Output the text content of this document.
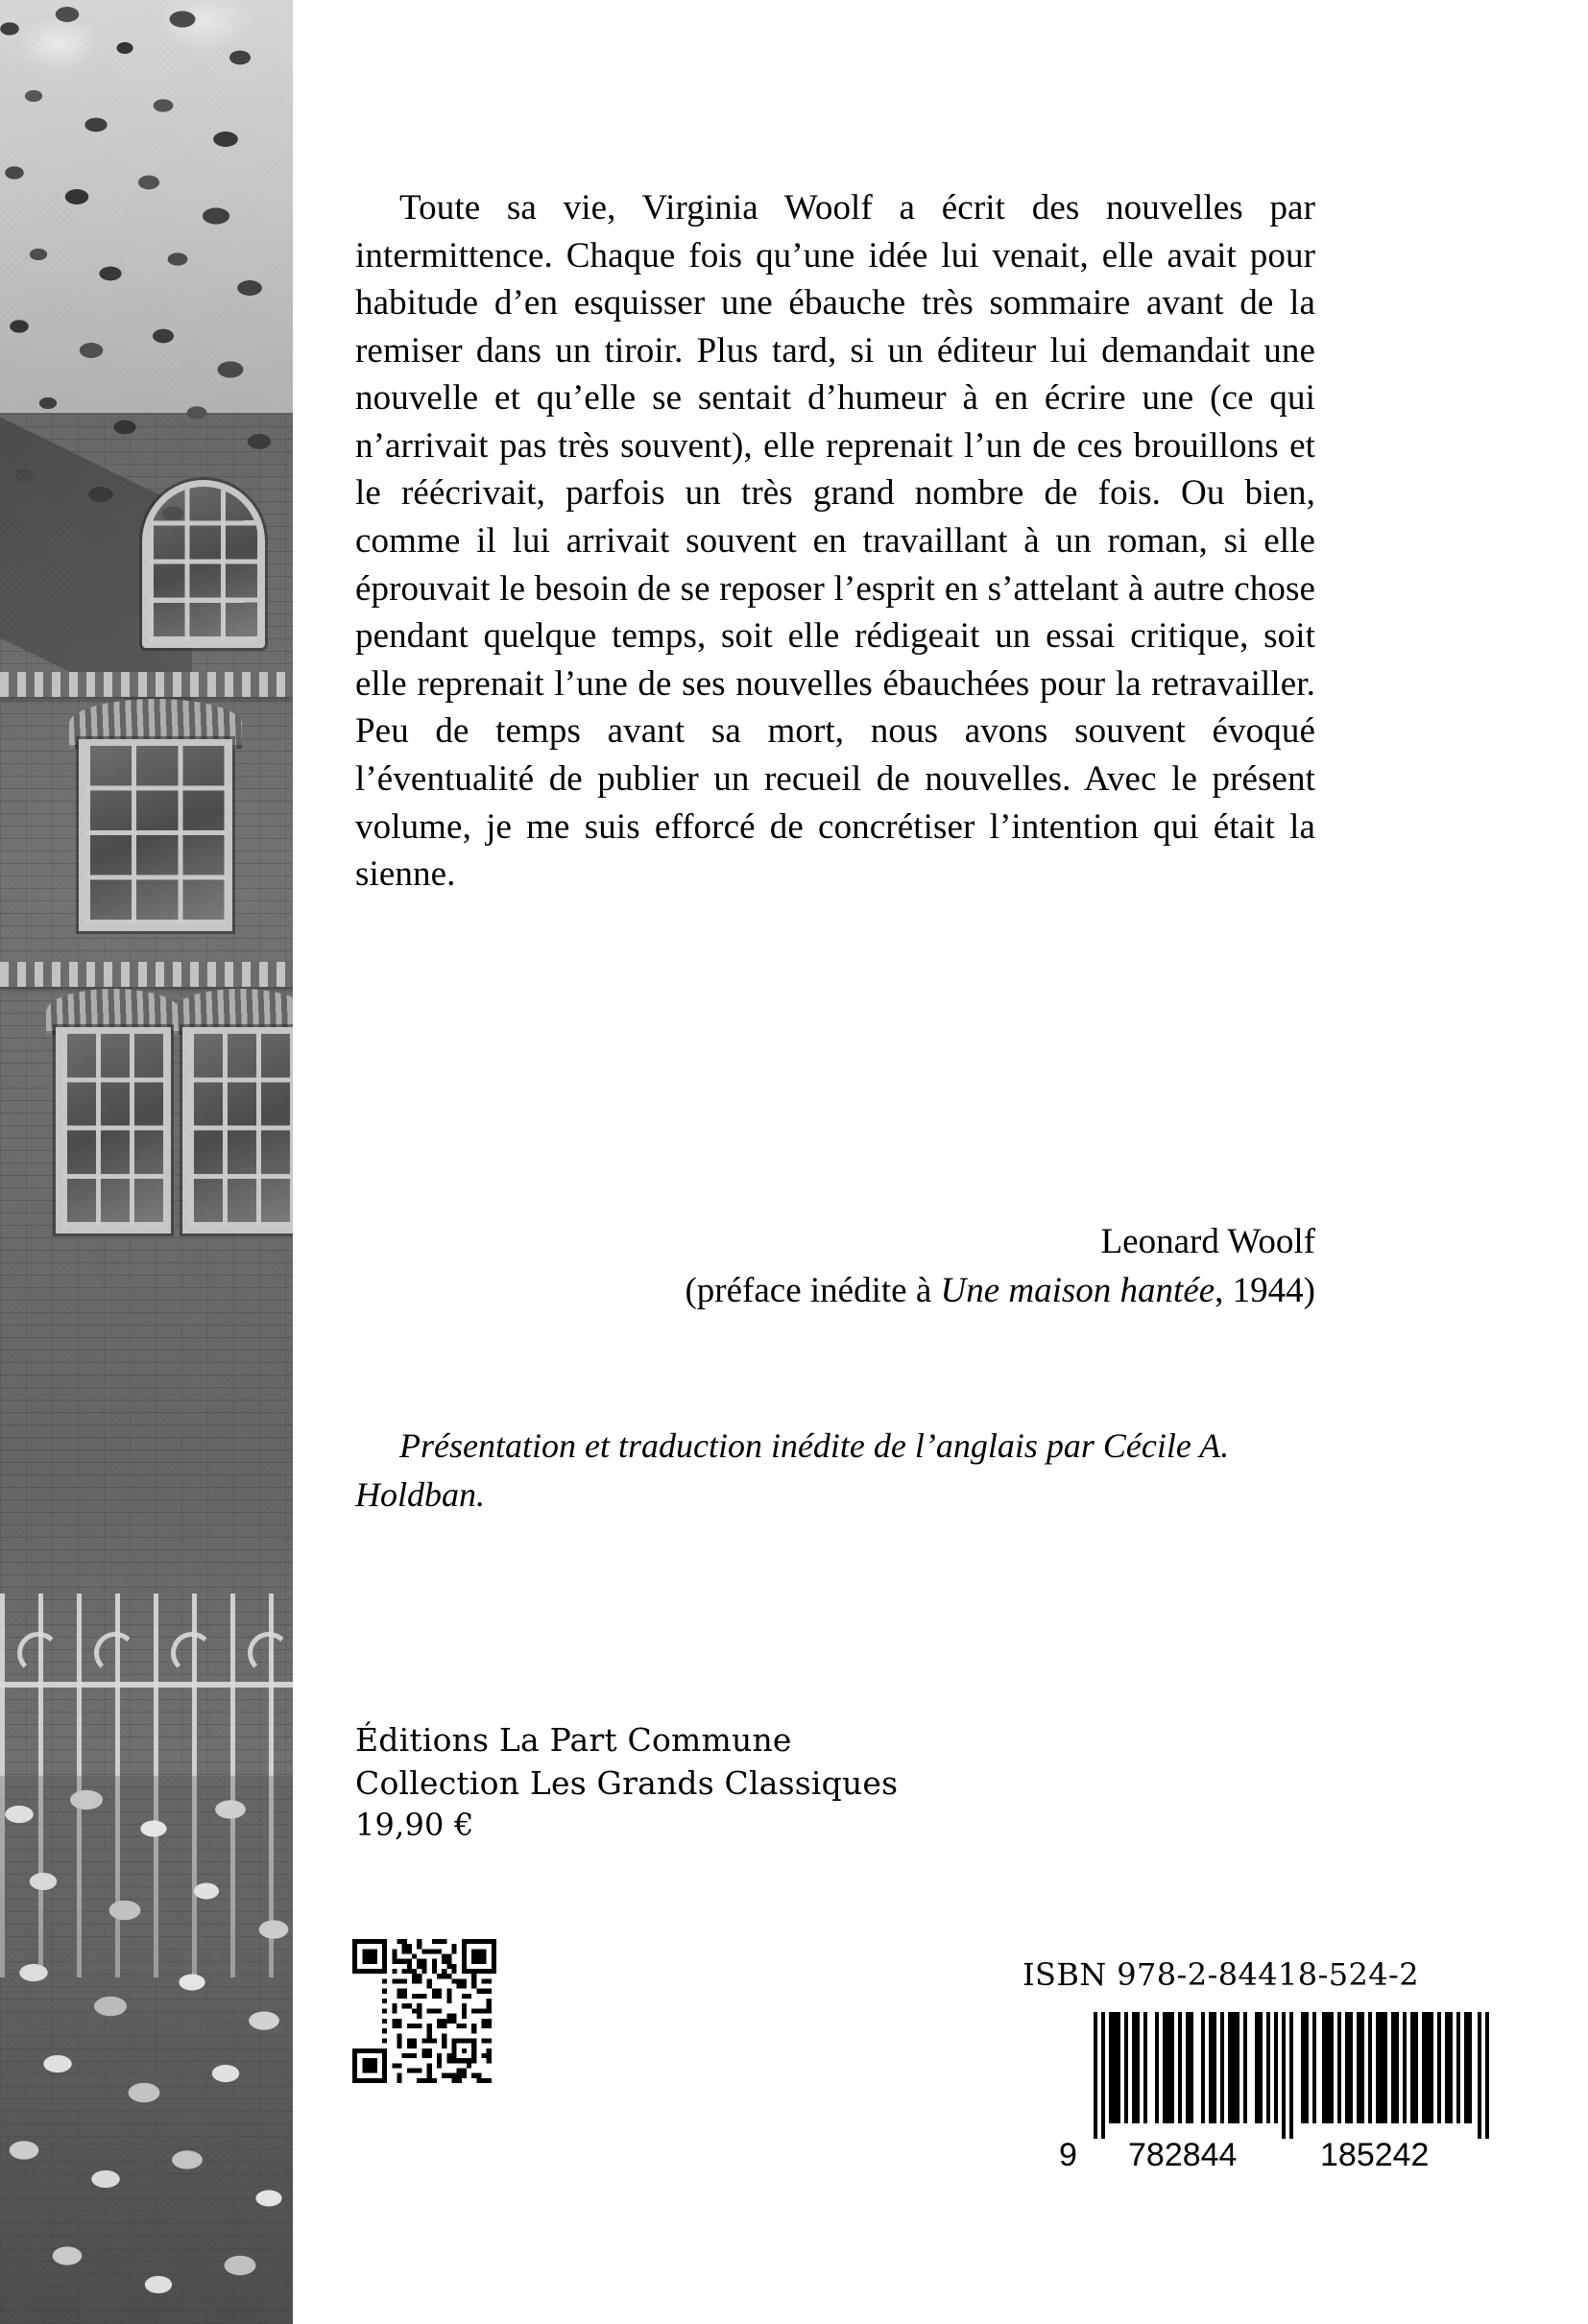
Toute sa vie, Virginia Woolf a écrit des nouvelles par intermittence. Chaque fois qu’une idée lui venait, elle avait pour habitude d’en esquisser une ébauche très sommaire avant de la remiser dans un tiroir. Plus tard, si un éditeur lui demandait une nouvelle et qu’elle se sentait d’humeur à en écrire une (ce qui n’arrivait pas très souvent), elle reprenait l’un de ces brouillons et le réécrivait, parfois un très grand nombre de fois. Ou bien, comme il lui arrivait souvent en travaillant à un roman, si elle éprouvait le besoin de se reposer l’esprit en s’attelant à autre chose pendant quelque temps, soit elle rédigeait un essai critique, soit elle reprenait l’une de ses nouvelles ébauchées pour la retravailler. Peu de temps avant sa mort, nous avons souvent évoqué l’éventualité de publier un recueil de nouvelles. Avec le présent volume, je me suis efforcé de concrétiser l’intention qui était la sienne.

Leonard Woolf
(préface inédite à Une maison hantée, 1944)

Présentation et traduction inédite de l’anglais par Cécile A. Holdban.

Éditions La Part Commune
Collection Les Grands Classiques
19,90 €
ISBN 978-2-84418-524-2
9	782844	185242
